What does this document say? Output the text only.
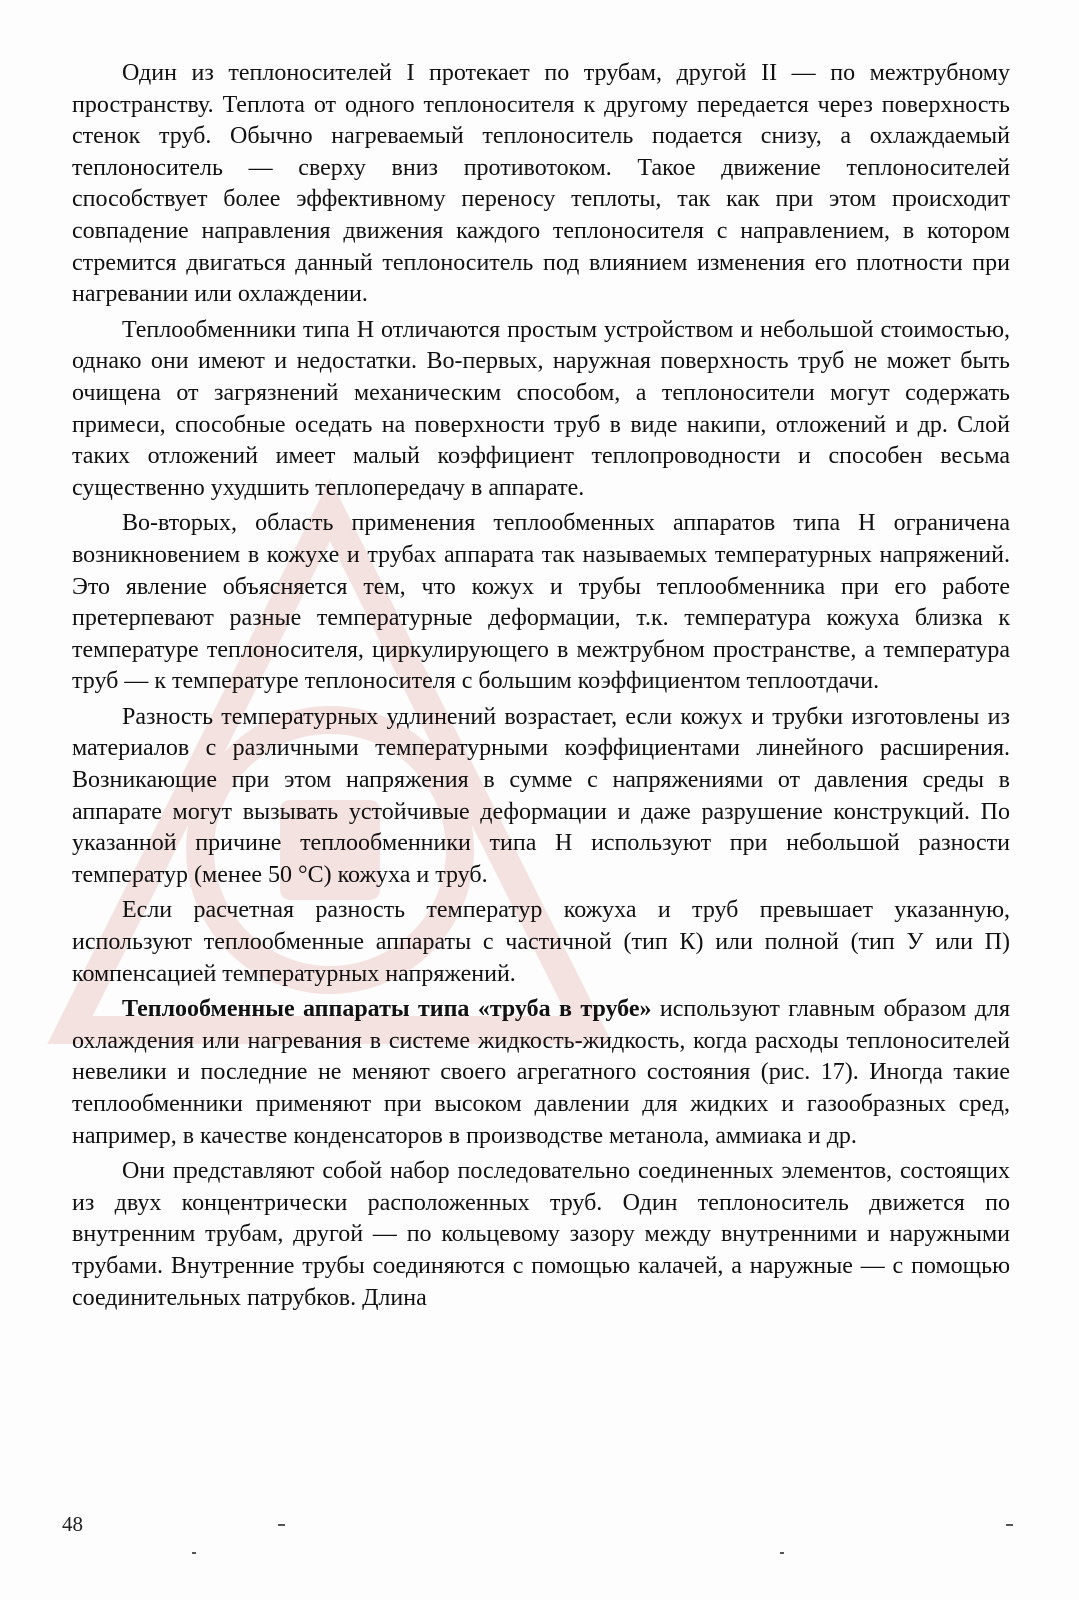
Один из теплоносителей I протекает по трубам, другой II — по межтрубному пространству. Теплота от одного теплоносителя к другому передается через поверхность стенок труб. Обычно нагреваемый теплоноситель подается снизу, а охлаждаемый теплоноситель — сверху вниз противотоком. Такое движение теплоносителей способствует более эффективному переносу теплоты, так как при этом происходит совпадение направления движения каждого теплоносителя с направлением, в котором стремится двигаться данный теплоноситель под влиянием изменения его плотности при нагревании или охлаждении.

Теплообменники типа Н отличаются простым устройством и небольшой стоимостью, однако они имеют и недостатки. Во-первых, наружная поверхность труб не может быть очищена от загрязнений механическим способом, а теплоносители могут содержать примеси, способные оседать на поверхности труб в виде накипи, отложений и др. Слой таких отложений имеет малый коэффициент теплопроводности и способен весьма существенно ухудшить теплопередачу в аппарате.

Во-вторых, область применения теплообменных аппаратов типа Н ограничена возникновением в кожухе и трубах аппарата так называемых температурных напряжений. Это явление объясняется тем, что кожух и трубы теплообменника при его работе претерпевают разные температурные деформации, т.к. температура кожуха близка к температуре теплоносителя, циркулирующего в межтрубном пространстве, а температура труб — к температуре теплоносителя с большим коэффициентом теплоотдачи.

Разность температурных удлинений возрастает, если кожух и трубки изготовлены из материалов с различными температурными коэффициентами линейного расширения. Возникающие при этом напряжения в сумме с напряжениями от давления среды в аппарате могут вызывать устойчивые деформации и даже разрушение конструкций. По указанной причине теплообменники типа Н используют при небольшой разности температур (менее 50 °С) кожуха и труб.

Если расчетная разность температур кожуха и труб превышает указанную, используют теплообменные аппараты с частичной (тип К) или полной (тип У или П) компенсацией температурных напряжений.

Теплообменные аппараты типа «труба в трубе» используют главным образом для охлаждения или нагревания в системе жидкость-жидкость, когда расходы теплоносителей невелики и последние не меняют своего агрегатного состояния (рис. 17). Иногда такие теплообменники применяют при высоком давлении для жидких и газообразных сред, например, в качестве конденсаторов в производстве метанола, аммиака и др.

Они представляют собой набор последовательно соединенных элементов, состоящих из двух концентрически расположенных труб. Один теплоноситель движется по внутренним трубам, другой — по кольцевому зазору между внутренними и наружными трубами. Внутренние трубы соединяются с помощью калачей, а наружные — с помощью соединительных патрубков. Длина

48
